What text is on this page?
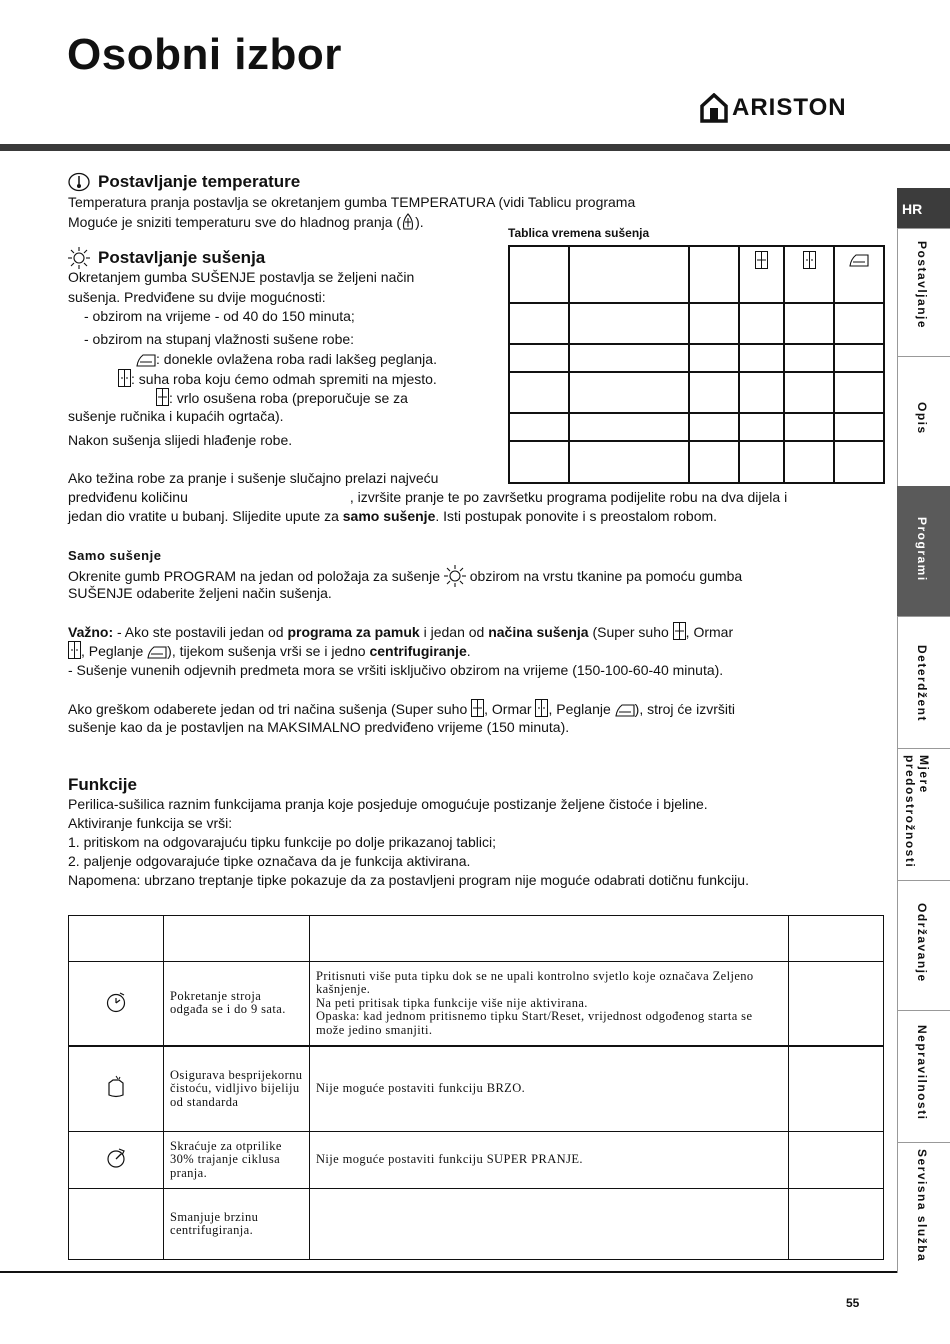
Osobni izbor
ARISTON
HR
Postavljanje
Opis
Programi
Deterdžent
Mjere predostrožnosti
Održavanje
Nepravilnosti
Servisna služba
Postavljanje temperature
Temperatura pranja postavlja se okretanjem gumba TEMPERATURA (vidi Tablicu programa
Moguće je sniziti temperaturu sve do hladnog pranja ( ).
Postavljanje sušenja
Okretanjem gumba SUŠENJE postavlja se željeni način
sušenja. Predviđene su dvije mogućnosti:
- obzirom na vrijeme - od 40 do 150 minuta;
- obzirom na stupanj vlažnosti sušene robe:
: donekle ovlažena roba radi lakšeg peglanja.
: suha roba koju ćemo odmah spremiti na mjesto.
: vrlo osušena roba (preporučuje se za
sušenje ručnika i kupaćih ogrtača).
Nakon sušenja slijedi hlađenje robe.
Ako težina robe za pranje i sušenje slučajno prelazi najveću
predviđenu količinu	, izvršite pranje te po završetku programa podijelite robu na dva dijela i
jedan dio vratite u bubanj. Slijedite upute za samo sušenje. Isti postupak ponovite i s preostalom robom.
Tablica vremena sušenja

Samo sušenje
Okrenite gumb PROGRAM na jedan od položaja za sušenje obzirom na vrstu tkanine pa pomoću gumba
SUŠENJE odaberite željeni način sušenja.
Važno: - Ako ste postavili jedan od programa za pamuk i jedan od načina sušenja (Super suho , Ormar
, Peglanje ), tijekom sušenja vrši se i jedno centrifugiranje.
- Sušenje vunenih odjevnih predmeta mora se vršiti isključivo obzirom na vrijeme (150-100-60-40 minuta).
Ako greškom odaberete jedan od tri načina sušenja (Super suho , Ormar , Peglanje ), stroj će izvršiti
sušenje kao da je postavljen na MAKSIMALNO predviđeno vrijeme (150 minuta).
Funkcije
Perilica-sušilica raznim funkcijama pranja koje posjeduje omogućuje postizanje željene čistoće i bjeline.
Aktiviranje funkcija se vrši:
1. pritiskom na odgovarajuću tipku funkcije po dolje prikazanoj tablici;
2. paljenje odgovarajuće tipke označava da je funkcija aktivirana.
Napomena: ubrzano treptanje tipke pokazuje da za postavljeni program nije moguće odabrati dotičnu funkciju.

	Pokretanje stroja odgađa se i do 9 sata.	Pritisnuti više puta tipku dok se ne upali kontrolno svjetlo koje označava Zeljeno kašnjenje.
Na peti pritisak tipka funkcije više nije aktivirana.
Opaska: kad jednom pritisnemo tipku Start/Reset, vrijednost odgođenog starta se može jedino smanjiti.	
	Osigurava besprijekornu čistoću, vidljivo bijeliju od standarda	Nije moguće postaviti funkciju BRZO.	
	Skraćuje za otprilike 30% trajanje ciklusa pranja.	Nije moguće postaviti funkciju SUPER PRANJE.	
	Smanjuje brzinu centrifugiranja.		
55
